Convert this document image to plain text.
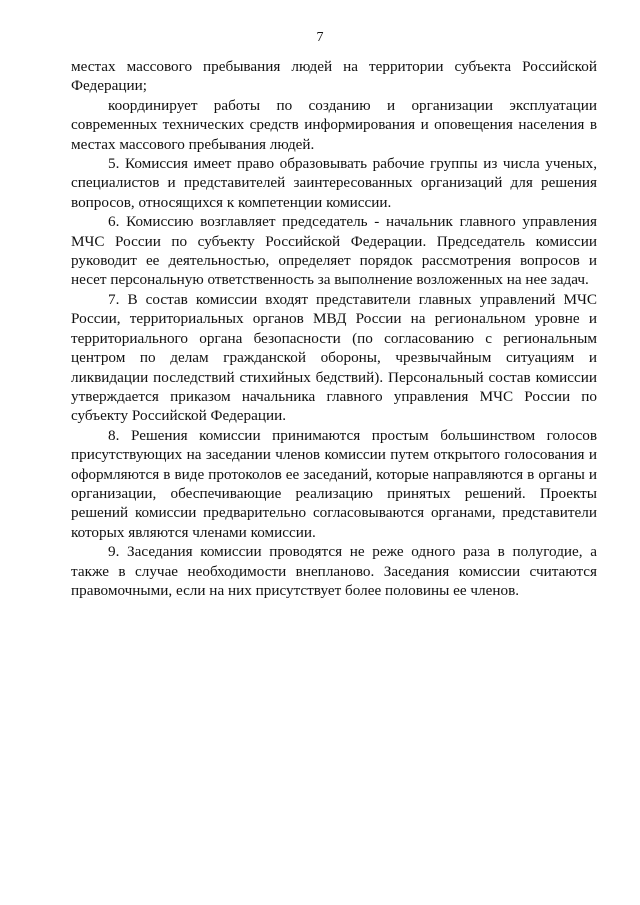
7

местах массового пребывания людей на территории субъекта Российской Федерации;

координирует работы по созданию и организации эксплуатации современных технических средств информирования и оповещения населения в местах массового пребывания людей.

5. Комиссия имеет право образовывать рабочие группы из числа ученых, специалистов и представителей заинтересованных организаций для решения вопросов, относящихся к компетенции комиссии.

6. Комиссию возглавляет председатель - начальник главного управления МЧС России по субъекту Российской Федерации. Председатель комиссии руководит ее деятельностью, определяет порядок рассмотрения вопросов и несет персональную ответственность за выполнение возложенных на нее задач.

7. В состав комиссии входят представители главных управлений МЧС России, территориальных органов МВД России на региональном уровне и территориального органа безопасности (по согласованию с региональным центром по делам гражданской обороны, чрезвычайным ситуациям и ликвидации последствий стихийных бедствий). Персональный состав комиссии утверждается приказом начальника главного управления МЧС России по субъекту Российской Федерации.

8. Решения комиссии принимаются простым большинством голосов присутствующих на заседании членов комиссии путем открытого голосования и оформляются в виде протоколов ее заседаний, которые направляются в органы и организации, обеспечивающие реализацию принятых решений. Проекты решений комиссии предварительно согласовываются органами, представители которых являются членами комиссии.

9. Заседания комиссии проводятся не реже одного раза в полугодие, а также в случае необходимости внепланово. Заседания комиссии считаются правомочными, если на них присутствует более половины ее членов.
